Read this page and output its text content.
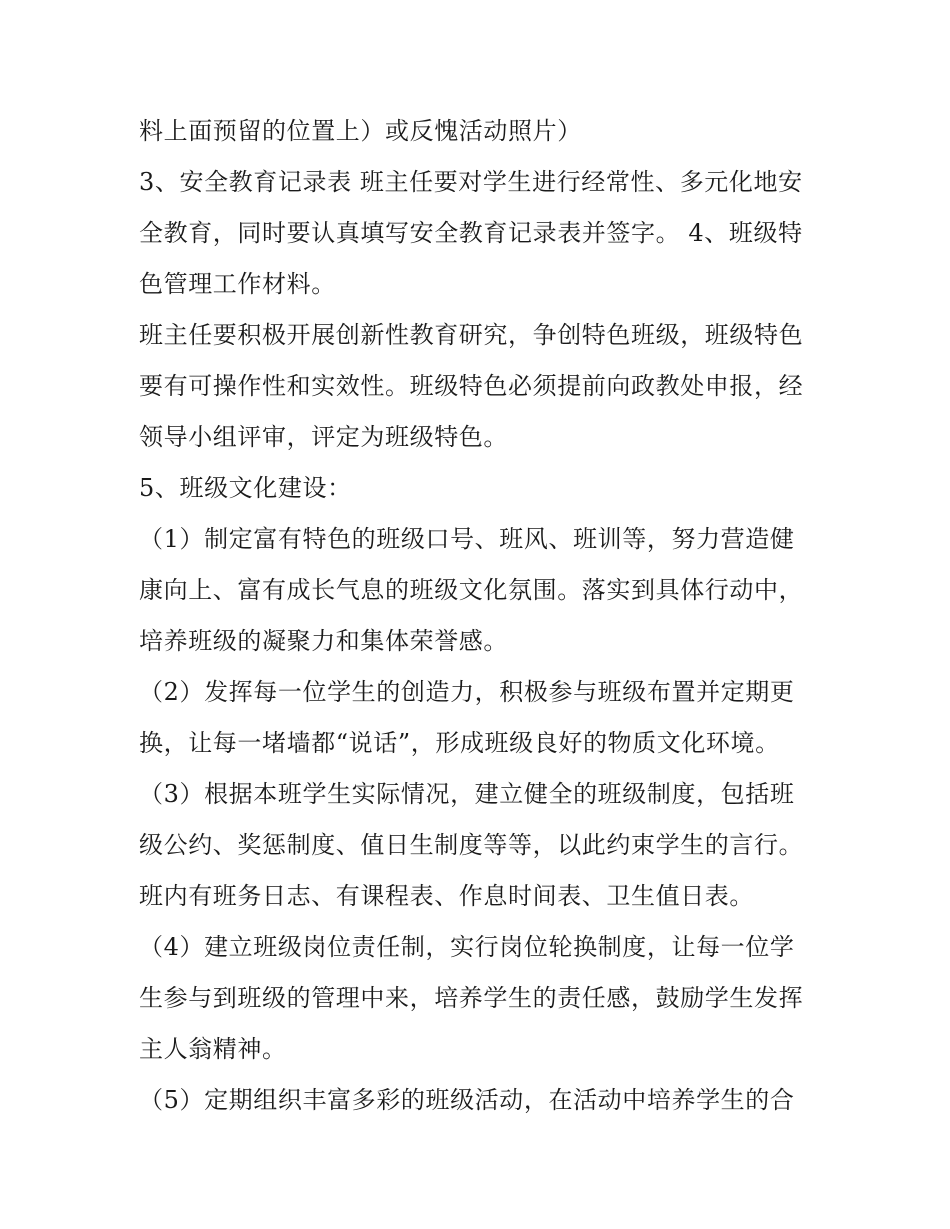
料上面预留的位置上）或反愧活动照片）
3、安全教育记录表 班主任要对学生进行经常性、多元化地安
全教育，同时要认真填写安全教育记录表并签字。 4、班级特
色管理工作材料。
班主任要积极开展创新性教育研究，争创特色班级，班级特色
要有可操作性和实效性。班级特色必须提前向政教处申报，经
领导小组评审，评定为班级特色。
5、班级文化建设：
（1）制定富有特色的班级口号、班风、班训等，努力营造健
康向上、富有成长气息的班级文化氛围。落实到具体行动中，
培养班级的凝聚力和集体荣誉感。
（2）发挥每一位学生的创造力，积极参与班级布置并定期更
换，让每一堵墙都“说话”，形成班级良好的物质文化环境。
（3）根据本班学生实际情况，建立健全的班级制度，包括班
级公约、奖惩制度、值日生制度等等，以此约束学生的言行。
班内有班务日志、有课程表、作息时间表、卫生值日表。
（4）建立班级岗位责任制，实行岗位轮换制度，让每一位学
生参与到班级的管理中来，培养学生的责任感，鼓励学生发挥
主人翁精神。
（5）定期组织丰富多彩的班级活动，在活动中培养学生的合
